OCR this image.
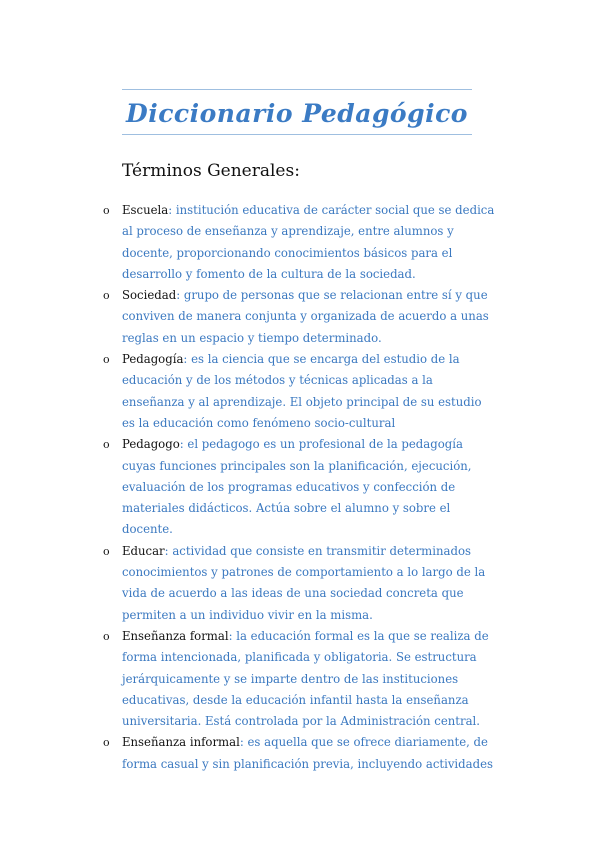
Diccionario Pedagógico
Términos Generales:
o Escuela: institución educativa de carácter social que se dedica al proceso de enseñanza y aprendizaje, entre alumnos y docente, proporcionando conocimientos básicos para el desarrollo y fomento de la cultura de la sociedad.
o Sociedad: grupo de personas que se relacionan entre sí y que conviven de manera conjunta y organizada de acuerdo a unas reglas en un espacio y tiempo determinado.
o Pedagogía: es la ciencia que se encarga del estudio de la educación y de los métodos y técnicas aplicadas a la enseñanza y al aprendizaje. El objeto principal de su estudio es la educación como fenómeno socio-cultural
o Pedagogo: el pedagogo es un profesional de la pedagogía cuyas funciones principales son la planificación, ejecución, evaluación de los programas educativos y confección de materiales didácticos. Actúa sobre el alumno y sobre el docente.
o Educar: actividad que consiste en transmitir determinados conocimientos y patrones de comportamiento a lo largo de la vida de acuerdo a las ideas de una sociedad concreta que permiten a un individuo vivir en la misma.
o Enseñanza formal: la educación formal es la que se realiza de forma intencionada, planificada y obligatoria. Se estructura jerárquicamente y se imparte dentro de las instituciones educativas, desde la educación infantil hasta la enseñanza universitaria. Está controlada por la Administración central.
o Enseñanza informal: es aquella que se ofrece diariamente, de forma casual y sin planificación previa, incluyendo actividades
